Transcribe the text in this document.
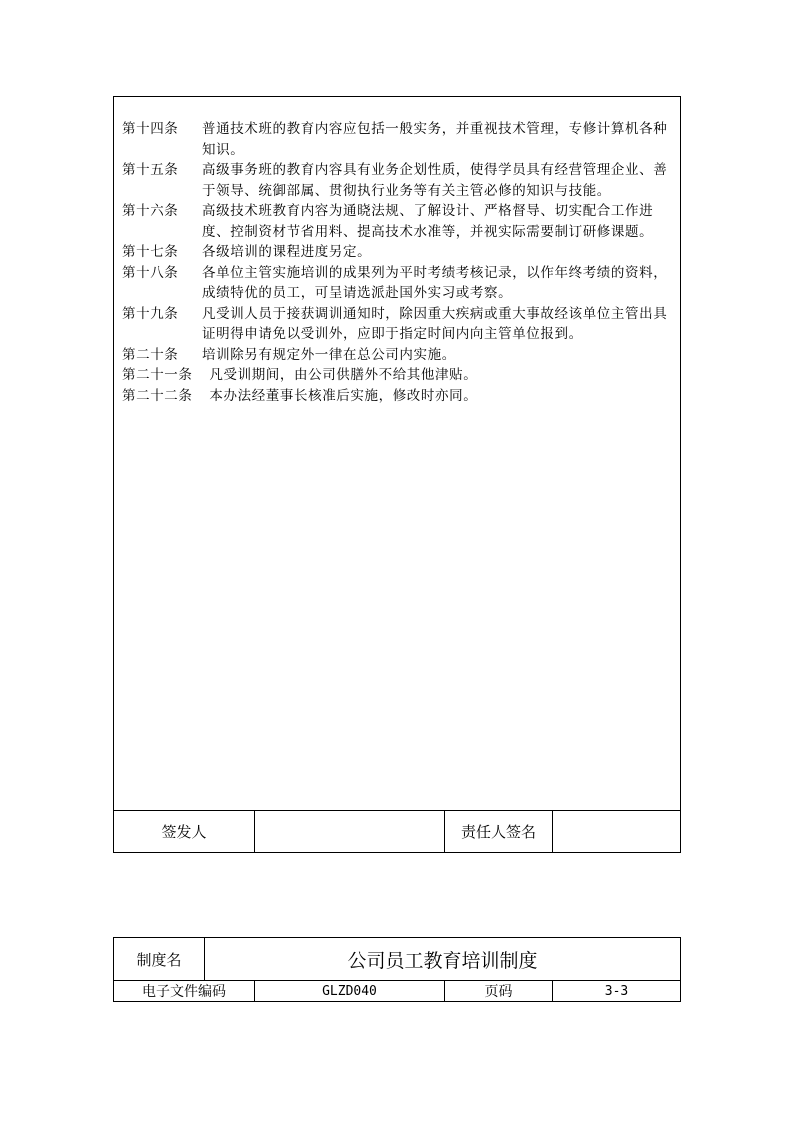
第十四条	普通技术班的教育内容应包括一般实务，并重视技术管理，专修计算机各种知识。
第十五条	高级事务班的教育内容具有业务企划性质，使得学员具有经营管理企业、善于领导、统御部属、贯彻执行业务等有关主管必修的知识与技能。
第十六条	高级技术班教育内容为通晓法规、了解设计、严格督导、切实配合工作进度、控制资材节省用料、提高技术水准等，并视实际需要制订研修课题。
第十七条	各级培训的课程进度另定。
第十八条	各单位主管实施培训的成果列为平时考绩考核记录，以作年终考绩的资料，成绩特优的员工，可呈请选派赴国外实习或考察。
第十九条	凡受训人员于接获调训通知时，除因重大疾病或重大事故经该单位主管出具证明得申请免以受训外，应即于指定时间内向主管单位报到。
第二十条	培训除另有规定外一律在总公司内实施。
第二十一条 凡受训期间，由公司供膳外不给其他津贴。
第二十二条 本办法经董事长核准后实施，修改时亦同。
签发人	责任人签名
制度名	公司员工教育培训制度
电子文件编码	GLZD040	页码	3-3
